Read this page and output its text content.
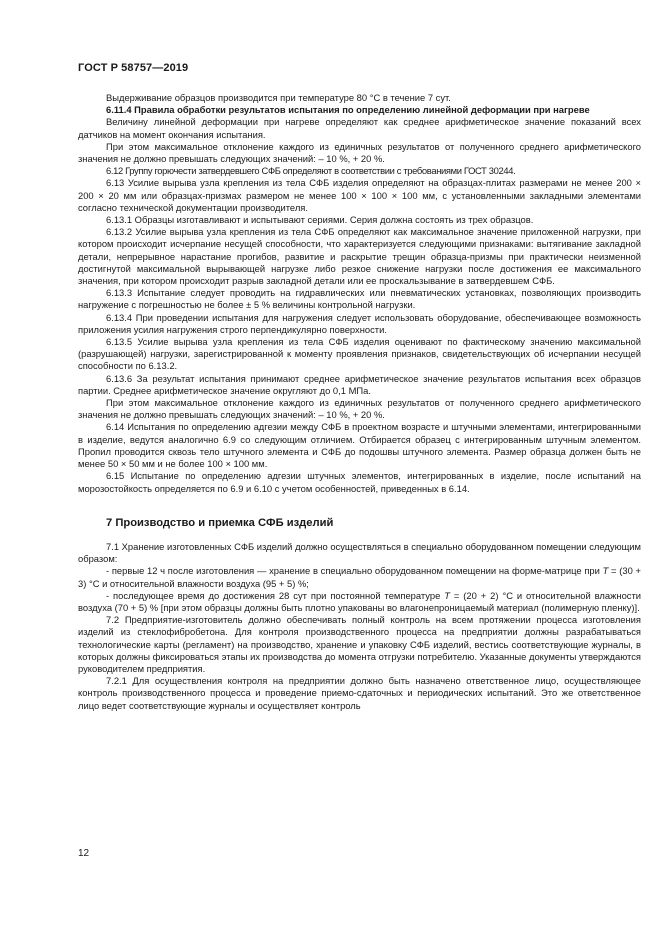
ГОСТ Р 58757—2019

Выдерживание образцов производится при температуре 80 °С в течение 7 сут.

6.11.4 Правила обработки результатов испытания по определению линейной деформации при нагреве

Величину линейной деформации при нагреве определяют как среднее арифметическое значение показаний всех датчиков на момент окончания испытания.

При этом максимальное отклонение каждого из единичных результатов от полученного среднего арифметического значения не должно превышать следующих значений: – 10 %, + 20 %.

6.12 Группу горючести затвердевшего СФБ определяют в соответствии с требованиями ГОСТ 30244.

6.13 Усилие вырыва узла крепления из тела СФБ изделия определяют на образцах-плитах размерами не менее 200 × 200 × 20 мм или образцах-призмах размером не менее 100 × 100 × 100 мм, с установленными закладными элементами согласно технической документации производителя.

6.13.1 Образцы изготавливают и испытывают сериями. Серия должна состоять из трех образцов.

6.13.2 Усилие вырыва узла крепления из тела СФБ определяют как максимальное значение приложенной нагрузки, при котором происходит исчерпание несущей способности, что характеризуется следующими признаками: вытягивание закладной детали, непрерывное нарастание прогибов, развитие и раскрытие трещин образца-призмы при практически неизменной достигнутой максимальной вырывающей нагрузке либо резкое снижение нагрузки после достижения ее максимального значения, при котором происходит разрыв закладной детали или ее проскальзывание в затвердевшем СФБ.

6.13.3 Испытание следует проводить на гидравлических или пневматических установках, позволяющих производить нагружение с погрешностью не более ± 5 % величины контрольной нагрузки.

6.13.4 При проведении испытания для нагружения следует использовать оборудование, обеспечивающее возможность приложения усилия нагружения строго перпендикулярно поверхности.

6.13.5 Усилие вырыва узла крепления из тела СФБ изделия оценивают по фактическому значению максимальной (разрушающей) нагрузки, зарегистрированной к моменту проявления признаков, свидетельствующих об исчерпании несущей способности по 6.13.2.

6.13.6 За результат испытания принимают среднее арифметическое значение результатов испытания всех образцов партии. Среднее арифметическое значение округляют до 0,1 МПа.

При этом максимальное отклонение каждого из единичных результатов от полученного среднего арифметического значения не должно превышать следующих значений: – 10 %, + 20 %.

6.14 Испытания по определению адгезии между СФБ в проектном возрасте и штучными элементами, интегрированными в изделие, ведутся аналогично 6.9 со следующим отличием. Отбирается образец с интегрированным штучным элементом. Пропил проводится сквозь тело штучного элемента и СФБ до подошвы штучного элемента. Размер образца должен быть не менее 50 × 50 мм и не более 100 × 100 мм.

6.15 Испытание по определению адгезии штучных элементов, интегрированных в изделие, после испытаний на морозостойкость определяется по 6.9 и 6.10 с учетом особенностей, приведенных в 6.14.

7 Производство и приемка СФБ изделий

7.1 Хранение изготовленных СФБ изделий должно осуществляться в специально оборудованном помещении следующим образом:

- первые 12 ч после изготовления — хранение в специально оборудованном помещении на форме-матрице при T = (30 + 3) °С и относительной влажности воздуха (95 + 5) %;

- последующее время до достижения 28 сут при постоянной температуре T = (20 + 2) °С и относительной влажности воздуха (70 + 5) % [при этом образцы должны быть плотно упакованы во влагонепроницаемый материал (полимерную пленку)].

7.2 Предприятие-изготовитель должно обеспечивать полный контроль на всем протяжении процесса изготовления изделий из стеклофибробетона. Для контроля производственного процесса на предприятии должны разрабатываться технологические карты (регламент) на производство, хранение и упаковку СФБ изделий, вестись соответствующие журналы, в которых должны фиксироваться этапы их производства до момента отгрузки потребителю. Указанные документы утверждаются руководителем предприятия.

7.2.1 Для осуществления контроля на предприятии должно быть назначено ответственное лицо, осуществляющее контроль производственного процесса и проведение приемо-сдаточных и периодических испытаний. Это же ответственное лицо ведет соответствующие журналы и осуществляет контроль

12
